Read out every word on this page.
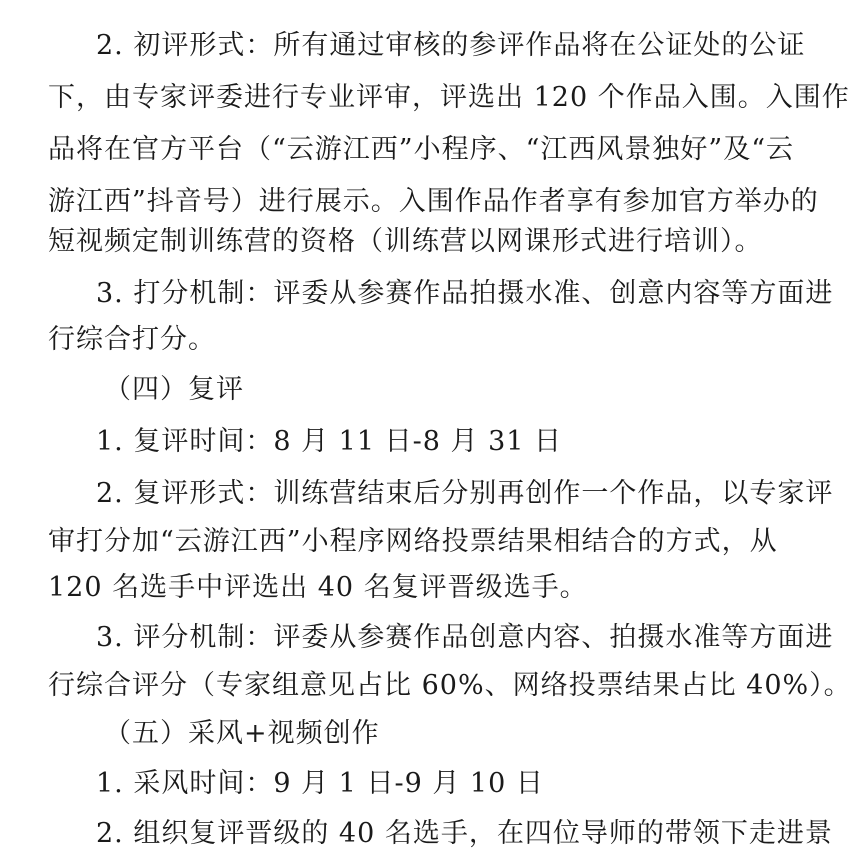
2. 初评形式：所有通过审核的参评作品将在公证处的公证
下，由专家评委进行专业评审，评选出 120 个作品入围。入围作
品将在官方平台（“云游江西”小程序、“江西风景独好”及“云
游江西”抖音号）进行展示。入围作品作者享有参加官方举办的
短视频定制训练营的资格（训练营以网课形式进行培训）。
3. 打分机制：评委从参赛作品拍摄水准、创意内容等方面进
行综合打分。
（四）复评
1. 复评时间：8 月 11 日-8 月 31 日
2. 复评形式：训练营结束后分别再创作一个作品，以专家评
审打分加“云游江西”小程序网络投票结果相结合的方式，从
120 名选手中评选出 40 名复评晋级选手。
3. 评分机制：评委从参赛作品创意内容、拍摄水准等方面进
行综合评分（专家组意见占比 60%、网络投票结果占比 40%）。
（五）采风+视频创作
1. 采风时间：9 月 1 日-9 月 10 日
2. 组织复评晋级的 40 名选手，在四位导师的带领下走进景
